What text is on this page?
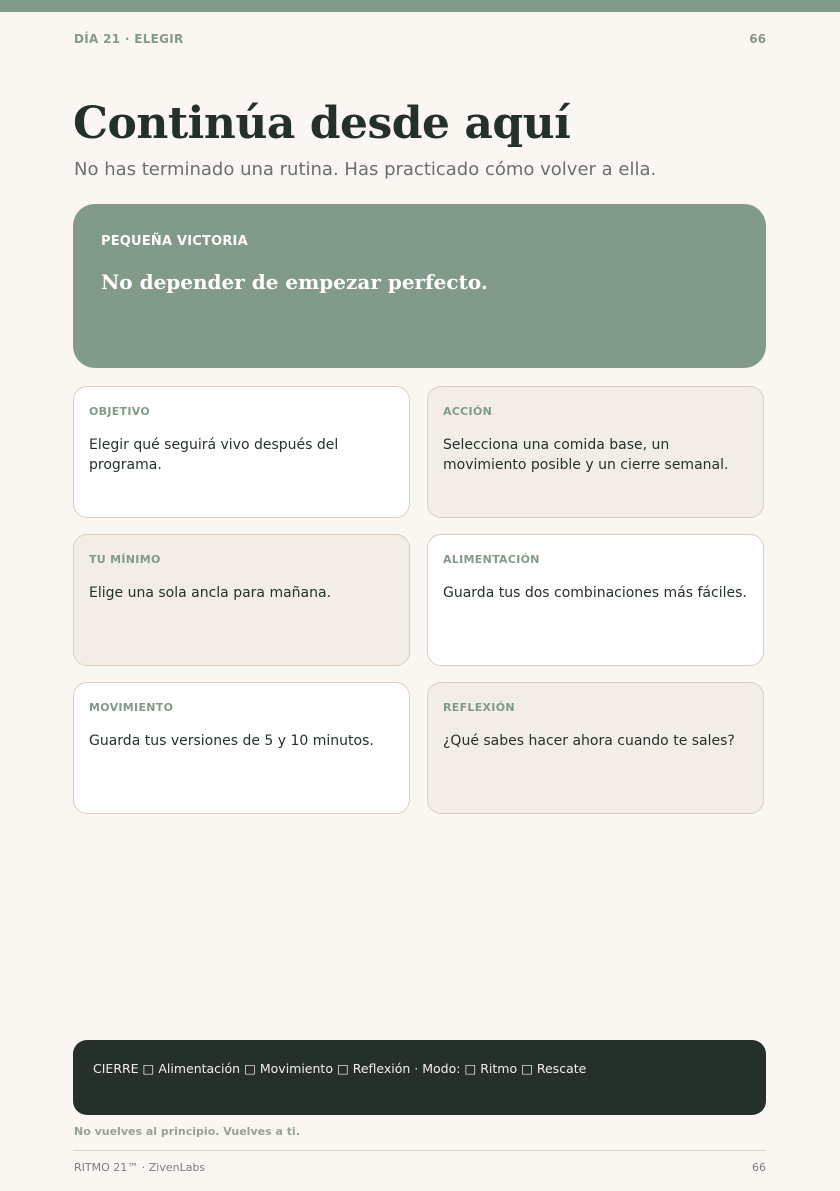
DÍA 21 · ELEGIR	66
Continúa desde aquí
No has terminado una rutina. Has practicado cómo volver a ella.
PEQUEÑA VICTORIA
No depender de empezar perfecto.
OBJETIVO
Elegir qué seguirá vivo después del programa.
ACCIÓN
Selecciona una comida base, un movimiento posible y un cierre semanal.
TU MÍNIMO
Elige una sola ancla para mañana.
ALIMENTACIÓN
Guarda tus dos combinaciones más fáciles.
MOVIMIENTO
Guarda tus versiones de 5 y 10 minutos.
REFLEXIÓN
¿Qué sabes hacer ahora cuando te sales?
CIERRE □ Alimentación □ Movimiento □ Reflexión · Modo: □ Ritmo □ Rescate
No vuelves al principio. Vuelves a ti.
RITMO 21™ · ZivenLabs	66
